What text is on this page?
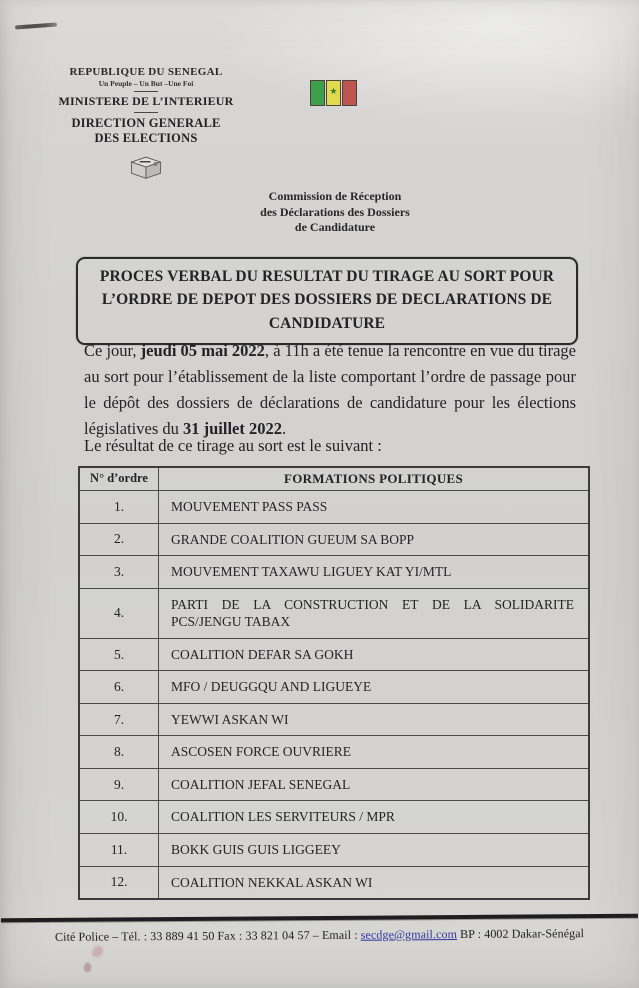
REPUBLIQUE DU SENEGAL
Un Peuple – Un But –Une Foi
MINISTERE DE L’INTERIEUR
DIRECTION GENERALE
DES ELECTIONS
★
Commission de Réception
des Déclarations des Dossiers
de Candidature
PROCES VERBAL DU RESULTAT DU TIRAGE AU SORT POUR L’ORDRE DE DEPOT DES DOSSIERS DE DECLARATIONS DE CANDIDATURE

Ce jour, jeudi 05 mai 2022, à 11h a été tenue la rencontre en vue du tirage au sort pour l’établissement de la liste comportant l’ordre de passage pour le dépôt des dossiers de déclarations de candidature pour les élections législatives du 31 juillet 2022.

Le résultat de ce tirage au sort est le suivant :

N° d’ordre	FORMATIONS POLITIQUES
1.	MOUVEMENT PASS PASS
2.	GRANDE COALITION GUEUM SA BOPP
3.	MOUVEMENT TAXAWU LIGUEY KAT YI/MTL
4.	PARTI DE LA CONSTRUCTION ET DE LA SOLIDARITE PCS/JENGU TABAX
5.	COALITION DEFAR SA GOKH
6.	MFO / DEUGGQU AND LIGUEYE
7.	YEWWI ASKAN WI
8.	ASCOSEN FORCE OUVRIERE
9.	COALITION JEFAL SENEGAL
10.	COALITION LES SERVITEURS / MPR
11.	BOKK GUIS GUIS LIGGEEY
12.	COALITION NEKKAL ASKAN WI
Cité Police – Tél. : 33 889 41 50 Fax : 33 821 04 57 – Email : secdge@gmail.com BP : 4002 Dakar-Sénégal
